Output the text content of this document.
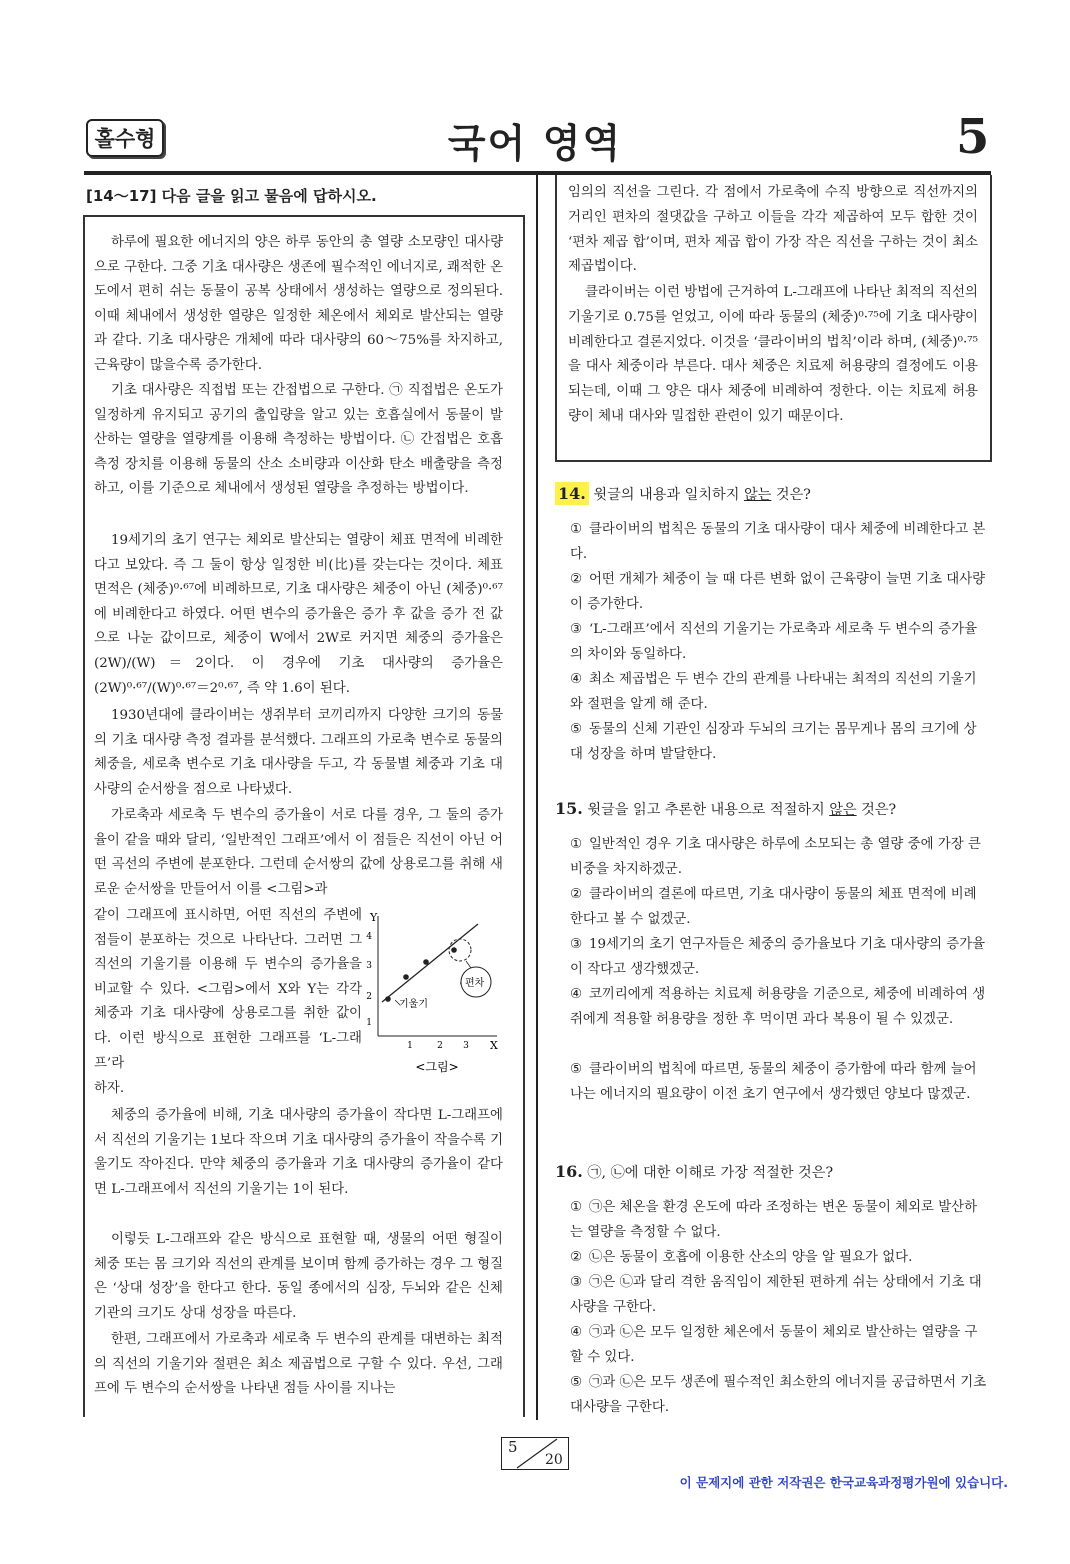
홀수형	국어 영역	5
[14～17] 다음 글을 읽고 물음에 답하시오.

하루에 필요한 에너지의 양은 하루 동안의 총 열량 소모량인 대사량으로 구한다. 그중 기초 대사량은 생존에 필수적인 에너지로, 쾌적한 온도에서 편히 쉬는 동물이 공복 상태에서 생성하는 열량으로 정의된다. 이때 체내에서 생성한 열량은 일정한 체온에서 체외로 발산되는 열량과 같다. 기초 대사량은 개체에 따라 대사량의 60～75%를 차지하고, 근육량이 많을수록 증가한다.

기초 대사량은 직접법 또는 간접법으로 구한다. ㉠ 직접법은 온도가 일정하게 유지되고 공기의 출입량을 알고 있는 호흡실에서 동물이 발산하는 열량을 열량계를 이용해 측정하는 방법이다. ㉡ 간접법은 호흡 측정 장치를 이용해 동물의 산소 소비량과 이산화 탄소 배출량을 측정하고, 이를 기준으로 체내에서 생성된 열량을 추정하는 방법이다.

19세기의 초기 연구는 체외로 발산되는 열량이 체표 면적에 비례한다고 보았다. 즉 그 둘이 항상 일정한 비(比)를 갖는다는 것이다. 체표 면적은 (체중)⁰·⁶⁷에 비례하므로, 기초 대사량은 체중이 아닌 (체중)⁰·⁶⁷에 비례한다고 하였다. 어떤 변수의 증가율은 증가 후 값을 증가 전 값으로 나눈 값이므로, 체중이 W에서 2W로 커지면 체중의 증가율은 (2W)/(W)＝2이다. 이 경우에 기초 대사량의 증가율은 (2W)⁰·⁶⁷/(W)⁰·⁶⁷＝2⁰·⁶⁷, 즉 약 1.6이 된다.

1930년대에 클라이버는 생쥐부터 코끼리까지 다양한 크기의 동물의 기초 대사량 측정 결과를 분석했다. 그래프의 가로축 변수로 동물의 체중을, 세로축 변수로 기초 대사량을 두고, 각 동물별 체중과 기초 대사량의 순서쌍을 점으로 나타냈다.

가로축과 세로축 두 변수의 증가율이 서로 다를 경우, 그 둘의 증가율이 같을 때와 달리, ‘일반적인 그래프’에서 이 점들은 직선이 아닌 어떤 곡선의 주변에 분포한다. 그런데 순서쌍의 값에 상용로그를 취해 새로운 순서쌍을 만들어서 이를 <그림>과

같이 그래프에 표시하면, 어떤 직선의 주변에 점들이 분포하는 것으로 나타난다. 그러면 그 직선의 기울기를 이용해 두 변수의 증가율을 비교할 수 있다. <그림>에서 X와 Y는 각각 체중과 기초 대사량에 상용로그를 취한 값이다. 이런 방식으로 표현한 그래프를 ‘L-그래프’라

하자.

체중의 증가율에 비해, 기초 대사량의 증가율이 작다면 L-그래프에서 직선의 기울기는 1보다 작으며 기초 대사량의 증가율이 작을수록 기울기도 작아진다. 만약 체중의 증가율과 기초 대사량의 증가율이 같다면 L-그래프에서 직선의 기울기는 1이 된다.

이렇듯 L-그래프와 같은 방식으로 표현할 때, 생물의 어떤 형질이 체중 또는 몸 크기와 직선의 관계를 보이며 함께 증가하는 경우 그 형질은 ‘상대 성장’을 한다고 한다. 동일 종에서의 심장, 두뇌와 같은 신체 기관의 크기도 상대 성장을 따른다.

한편, 그래프에서 가로축과 세로축 두 변수의 관계를 대변하는 최적의 직선의 기울기와 절편은 최소 제곱법으로 구할 수 있다. 우선, 그래프에 두 변수의 순서쌍을 나타낸 점들 사이를 지나는

Y
X
1
2
3
4
1	2 3
편차
기울기
<그림>

임의의 직선을 그린다. 각 점에서 가로축에 수직 방향으로 직선까지의 거리인 편차의 절댓값을 구하고 이들을 각각 제곱하여 모두 합한 것이 ‘편차 제곱 합’이며, 편차 제곱 합이 가장 작은 직선을 구하는 것이 최소 제곱법이다.

클라이버는 이런 방법에 근거하여 L-그래프에 나타난 최적의 직선의 기울기로 0.75를 얻었고, 이에 따라 동물의 (체중)⁰·⁷⁵에 기초 대사량이 비례한다고 결론지었다. 이것을 ‘클라이버의 법칙’이라 하며, (체중)⁰·⁷⁵을 대사 체중이라 부른다. 대사 체중은 치료제 허용량의 결정에도 이용되는데, 이때 그 양은 대사 체중에 비례하여 정한다. 이는 치료제 허용량이 체내 대사와 밀접한 관련이 있기 때문이다.

14. 윗글의 내용과 일치하지 않는 것은?

① 클라이버의 법칙은 동물의 기초 대사량이 대사 체중에 비례한다고 본다.

② 어떤 개체가 체중이 늘 때 다른 변화 없이 근육량이 늘면 기초 대사량이 증가한다.

③ ‘L-그래프’에서 직선의 기울기는 가로축과 세로축 두 변수의 증가율의 차이와 동일하다.

④ 최소 제곱법은 두 변수 간의 관계를 나타내는 최적의 직선의 기울기와 절편을 알게 해 준다.

⑤ 동물의 신체 기관인 심장과 두뇌의 크기는 몸무게나 몸의 크기에 상대 성장을 하며 발달한다.

15. 윗글을 읽고 추론한 내용으로 적절하지 않은 것은?

① 일반적인 경우 기초 대사량은 하루에 소모되는 총 열량 중에 가장 큰 비중을 차지하겠군.

② 클라이버의 결론에 따르면, 기초 대사량이 동물의 체표 면적에 비례한다고 볼 수 없겠군.

③ 19세기의 초기 연구자들은 체중의 증가율보다 기초 대사량의 증가율이 작다고 생각했겠군.

④ 코끼리에게 적용하는 치료제 허용량을 기준으로, 체중에 비례하여 생쥐에게 적용할 허용량을 정한 후 먹이면 과다 복용이 될 수 있겠군.

⑤ 클라이버의 법칙에 따르면, 동물의 체중이 증가함에 따라 함께 늘어나는 에너지의 필요량이 이전 초기 연구에서 생각했던 양보다 많겠군.

16. ㉠, ㉡에 대한 이해로 가장 적절한 것은?

① ㉠은 체온을 환경 온도에 따라 조정하는 변온 동물이 체외로 발산하는 열량을 측정할 수 없다.

② ㉡은 동물이 호흡에 이용한 산소의 양을 알 필요가 없다.

③ ㉠은 ㉡과 달리 격한 움직임이 제한된 편하게 쉬는 상태에서 기초 대사량을 구한다.

④ ㉠과 ㉡은 모두 일정한 체온에서 동물이 체외로 발산하는 열량을 구할 수 있다.

⑤ ㉠과 ㉡은 모두 생존에 필수적인 최소한의 에너지를 공급하면서 기초 대사량을 구한다.

5
20
이 문제지에 관한 저작권은 한국교육과정평가원에 있습니다.
